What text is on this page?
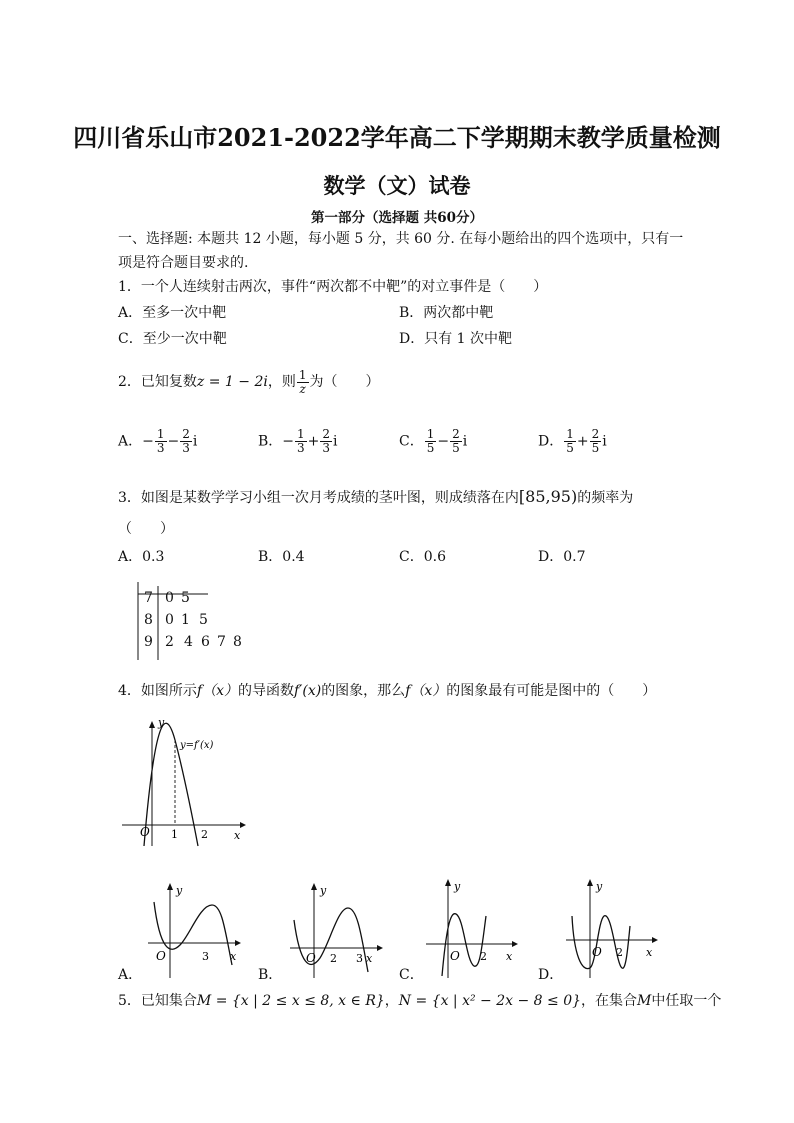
四川省乐山市2021-2022学年高二下学期期末教学质量检测
数学（文）试卷
第一部分（选择题 共60分）
一、选择题: 本题共 12 小题，每小题 5 分，共 60 分. 在每小题给出的四个选项中，只有一
项是符合题目要求的.
1．一个人连续射击两次，事件“两次都不中靶”的对立事件是（　　）
A．至多一次中靶	B．两次都中靶
C．至少一次中靶	D．只有 1 次中靶
2．已知复数z = 1 − 2i，则 $\frac{1}{z}$ 为（　　）
A．− $\frac{1}{3} - \frac{2}{3}$ i	B．− $\frac{1}{3} + \frac{2}{3}$ i	C． $\frac{1}{5} - \frac{2}{5}$ i	D． $\frac{1}{5} + \frac{2}{5}$ i
3．如图是某数学学习小组一次月考成绩的茎叶图，则成绩落在内[85,95)的频率为
（　　）
A．0.3	B．0.4	C．0.6	D．0.7
7 0 5
8 0 1 5
9 2 4 6 7 8
4．如图所示f（x）的导函数f′(x)的图象，那么f（x）的图象最有可能是图中的（　　）
y=f′(x)
y
x
O 1 2
A．
y
x
O	3
B．
y
x
O 2 3
C．
y
x
O 2
D．
y
x
O 2
5．已知集合M = {x | 2 ≤ x ≤ 8, x ∈ R}，N = {x | x² − 2x − 8 ≤ 0}，在集合M中任取一个
